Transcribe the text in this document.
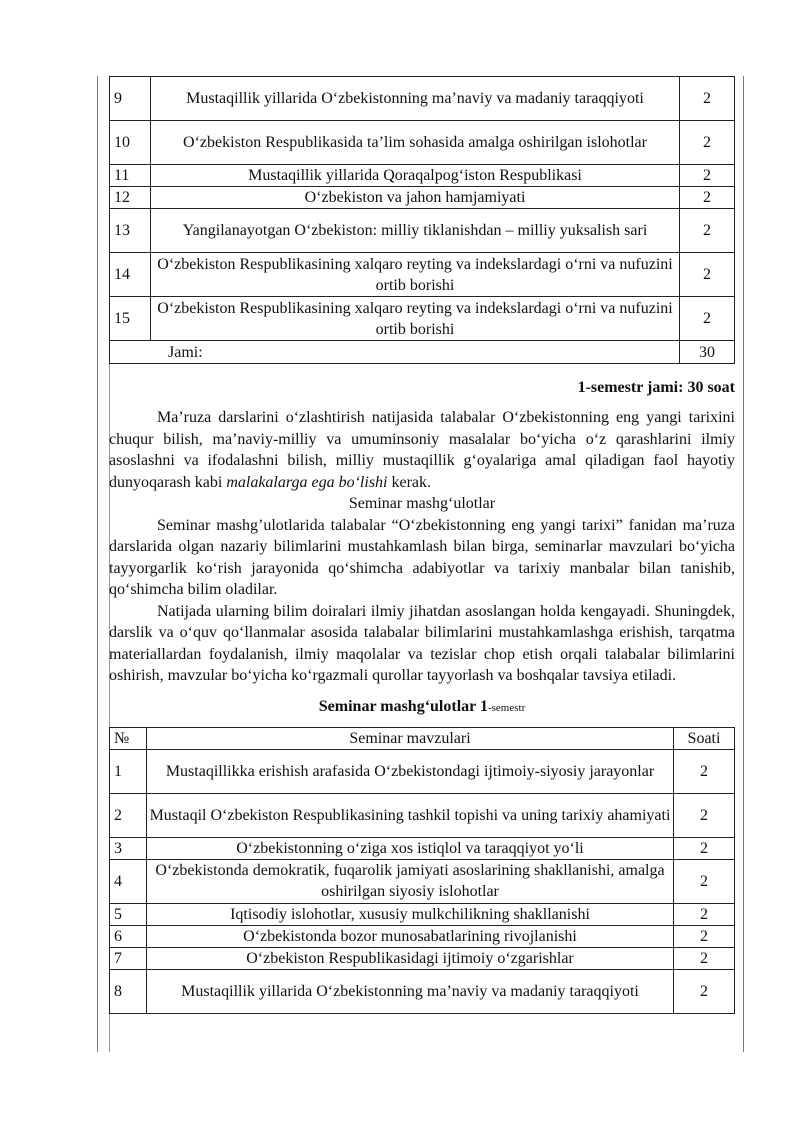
9	Mustaqillik yillarida O‘zbekistonning ma’naviy va madaniy taraqqiyoti	2
10	O‘zbekiston Respublikasida ta’lim sohasida amalga oshirilgan islohotlar	2
11	Mustaqillik yillarida Qoraqalpog‘iston Respublikasi	2
12	O‘zbekiston va jahon hamjamiyati	2
13	Yangilanayotgan O‘zbekiston: milliy tiklanishdan – milliy yuksalish sari	2
14	O‘zbekiston Respublikasining xalqaro reyting va indekslardagi o‘rni va nufuzini ortib borishi	2
15	O‘zbekiston Respublikasining xalqaro reyting va indekslardagi o‘rni va nufuzini ortib borishi	2
Jami:		30
1-semestr jami: 30 soat

Ma’ruza darslarini o‘zlashtirish natijasida talabalar O‘zbekistonning eng yangi tarixini chuqur bilish, ma’naviy-milliy va umuminsoniy masalalar bo‘yicha o‘z qarashlarini ilmiy asoslashni va ifodalashni bilish, milliy mustaqillik g‘oyalariga amal qiladigan faol hayotiy dunyoqarash kabi malakalarga ega bo‘lishi kerak.

Seminar mashg‘ulotlar

Seminar mashg’ulotlarida talabalar “O‘zbekistonning eng yangi tarixi” fanidan ma’ruza darslarida olgan nazariy bilimlarini mustahkamlash bilan birga, seminarlar mavzulari bo‘yicha tayyorgarlik ko‘rish jarayonida qo‘shimcha adabiyotlar va tarixiy manbalar bilan tanishib, qo‘shimcha bilim oladilar.

Natijada ularning bilim doiralari ilmiy jihatdan asoslangan holda kengayadi. Shuningdek, darslik va o‘quv qo‘llanmalar asosida talabalar bilimlarini mustahkamlashga erishish, tarqatma materiallardan foydalanish, ilmiy maqolalar va tezislar chop etish orqali talabalar bilimlarini oshirish, mavzular bo‘yicha ko‘rgazmali qurollar tayyorlash va boshqalar tavsiya etiladi.

Seminar mashg‘ulotlar 1-semestr
№	Seminar mavzulari	Soati
1	Mustaqillikka erishish arafasida O‘zbekistondagi ijtimoiy-siyosiy jarayonlar	2
2	Mustaqil O‘zbekiston Respublikasining tashkil topishi va uning tarixiy ahamiyati	2
3	O‘zbekistonning o‘ziga xos istiqlol va taraqqiyot yo‘li	2
4	O‘zbekistonda demokratik, fuqarolik jamiyati asoslarining shakllanishi, amalga oshirilgan siyosiy islohotlar	2
5	Iqtisodiy islohotlar, xususiy mulkchilikning shakllanishi	2
6	O‘zbekistonda bozor munosabatlarining rivojlanishi	2
7	O‘zbekiston Respublikasidagi ijtimoiy o‘zgarishlar	2
8	Mustaqillik yillarida O‘zbekistonning ma’naviy va madaniy taraqqiyoti	2
